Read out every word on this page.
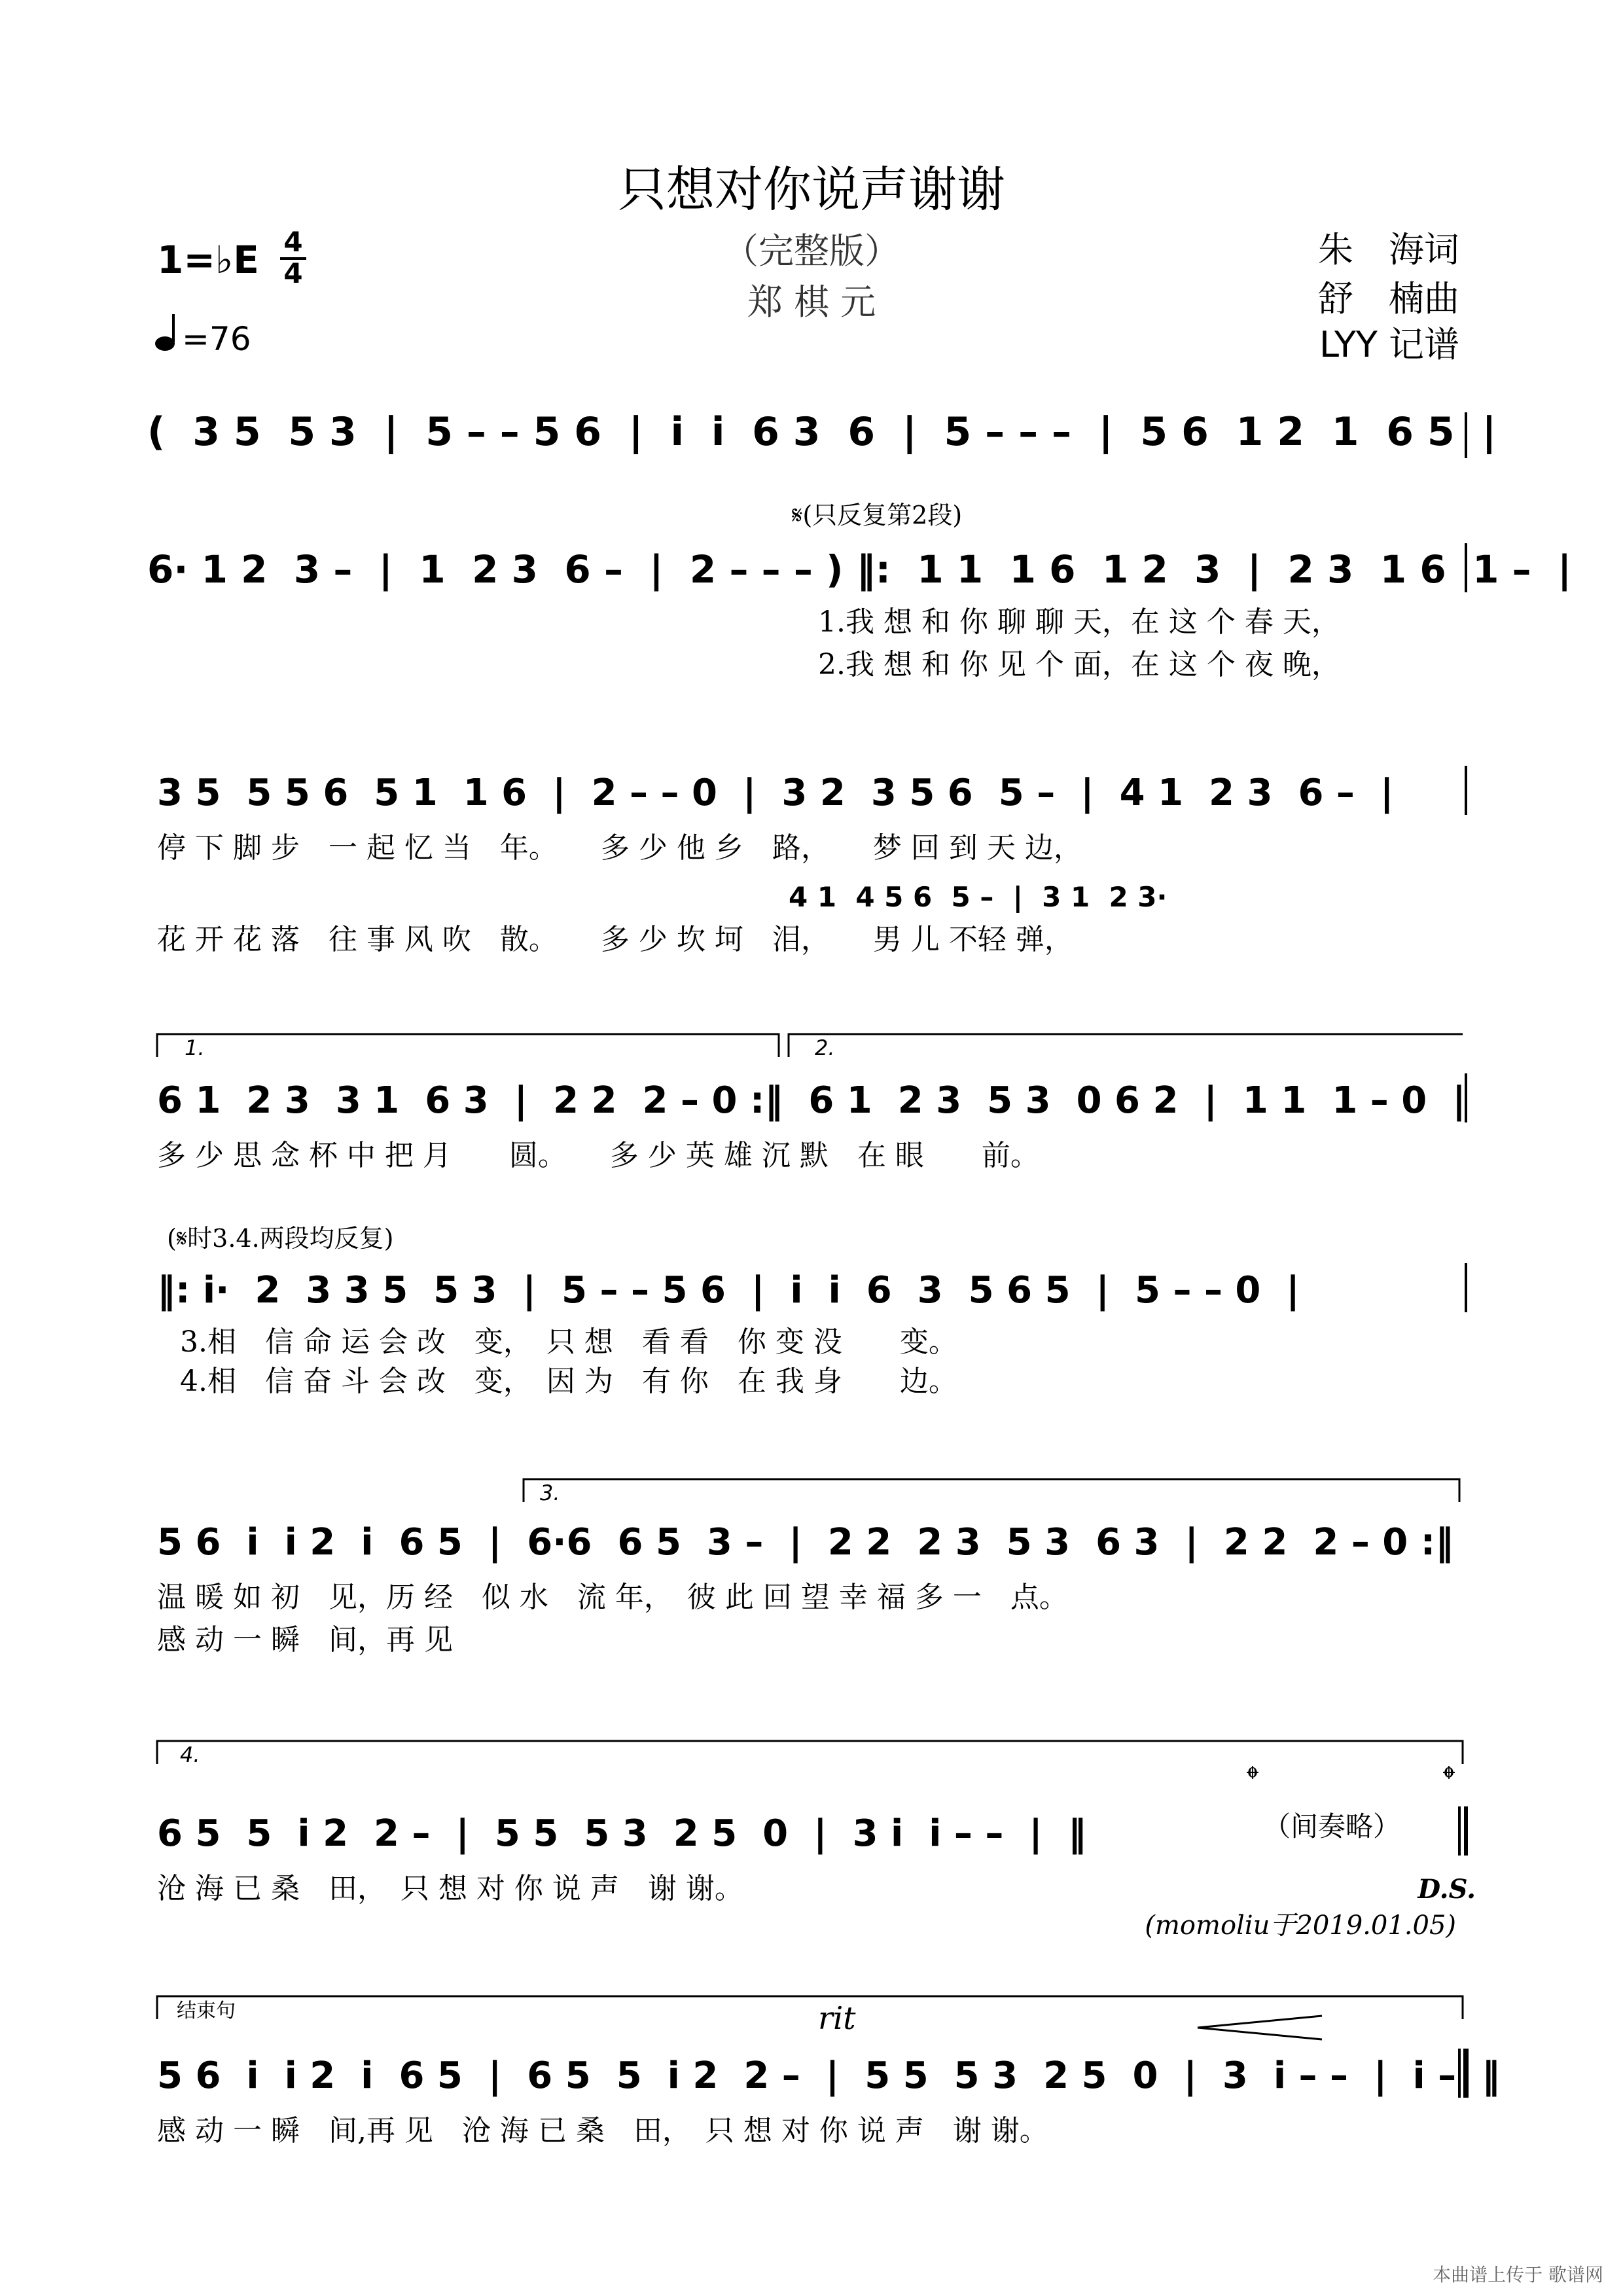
只想对你说声谢谢
（完整版）
郑 棋 元
朱　海词
舒　楠曲
LYY 记谱
1=♭E 4
4
=76
(  3 5  5 3  |  5 – – 5 6  |  i  i  6 3  6  |  5 – – –  |  5 6  1 2  1  6 5  |
𝄋(只反复第2段)
6· 1 2  3 –  |  1  2 3  6 –  |  2 – – – ) ‖:  1 1  1 6  1 2  3  |  2 3  1 6  1 –  |
1.我 想 和 你 聊 聊 天，在 这 个 春 天，
2.我 想 和 你 见 个 面，在 这 个 夜 晚，
3 5  5 5 6  5 1  1 6  |  2 – – 0  |  3 2  3 5 6  5 –  |  4 1  2 3  6 –  |
停 下 脚 步　一 起 忆 当　年。　　多 少 他 乡　路，　　梦 回 到 天 边，
4 1  4 5 6  5 –  |  3 1  2 3·
花 开 花 落　往 事 风 吹　散。　　多 少 坎 坷　泪，　　男 儿 不轻 弹，
1.	2.
6 1  2 3  3 1  6 3  |  2 2  2 – 0 :‖  6 1  2 3  5 3  0 6 2  |  1 1  1 – 0  |
多 少 思 念 杯 中 把 月　　圆。　　多 少 英 雄 沉 默　在 眼　　前。
(𝄋时3.4.两段均反复)
‖: i·  2  3 3 5  5 3  |  5 – – 5 6  |  i  i  6  3  5 6 5  |  5 – – 0  |
3.相　信 命 运 会 改　变，　只 想　看 看　你 变 没　　变。
4.相　信 奋 斗 会 改　变，　因 为　有 你　在 我 身　　边。
3.
5 6  i  i 2  i  6 5  |  6·6  6 5  3 –  |  2 2  2 3  5 3  6 3  |  2 2  2 – 0 :‖
温 暖 如 初　见，历 经　似 水　流 年，　彼 此 回 望 幸 福 多 一　点。
感 动 一 瞬　间，再 见
4.
𝄌	𝄌
6 5  5  i 2  2 –  |  5 5  5 3  2 5  0  |  3 i  i – –  |  ‖	（间奏略）
沧 海 已 桑　田，　只 想 对 你 说 声　谢 谢。	D.S.
(momoliu于2019.01.05)
结束句	rit
5 6  i  i 2  i  6 5  |  6 5  5  i 2  2 –  |  5 5  5 3  2 5  0  |  3  i – –  |  i –  ‖
感 动 一 瞬　间,再 见　沧 海 已 桑　田，　只 想 对 你 说 声　谢 谢。
本曲谱上传于 歌谱网
